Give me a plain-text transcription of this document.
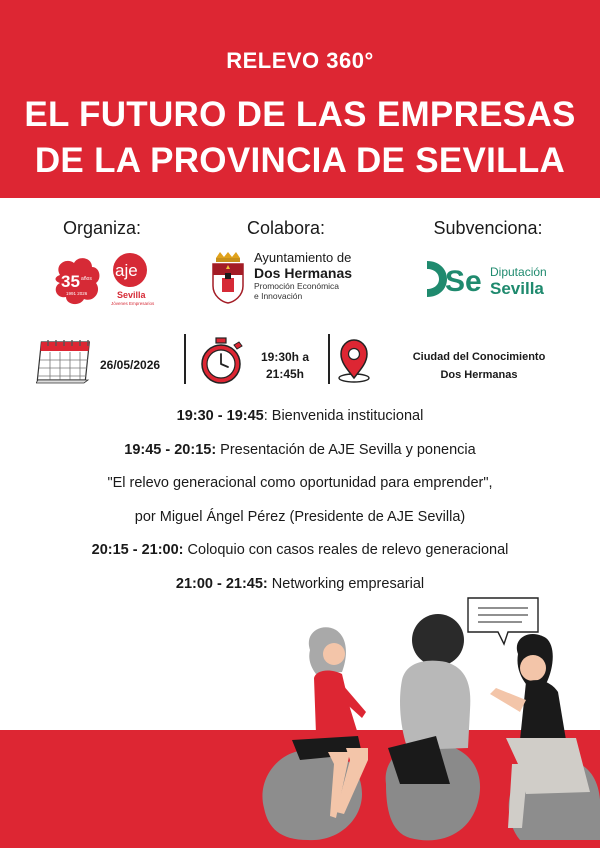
RELEVO 360°
EL FUTURO DE LAS EMPRESAS
DE LA PROVINCIA DE SEVILLA
Organiza:	Colabora:	Subvenciona:
35 años
1991 2026
aje
Sevilla
Jóvenes Empresarios
Ayuntamiento de
Dos Hermanas
Promoción Económica
e Innovación	Se Diputación
Sevilla
26/05/2026
19:30h a
21:45h
Ciudad del Conocimiento
Dos Hermanas
19:30 - 19:45: Bienvenida institucional
19:45 - 20:15: Presentación de AJE Sevilla y ponencia
"El relevo generacional como oportunidad para emprender",
por Miguel Ángel Pérez (Presidente de AJE Sevilla)
20:15 - 21:00: Coloquio con casos reales de relevo generacional
21:00 - 21:45: Networking empresarial
